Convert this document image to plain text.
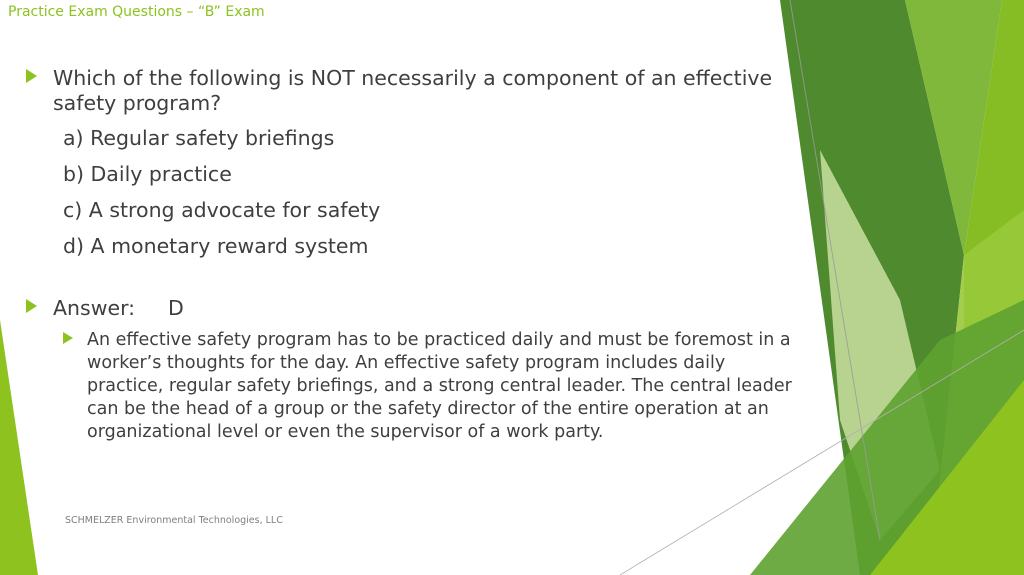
Practice Exam Questions – “B” Exam
Which of the following is NOT necessarily a component of an effective safety program?
a) Regular safety briefings
b) Daily practice
c) A strong advocate for safety
d) A monetary reward system
Answer: D
An effective safety program has to be practiced daily and must be foremost in a worker’s thoughts for the day. An effective safety program includes daily practice, regular safety briefings, and a strong central leader. The central leader can be the head of a group or the safety director of the entire operation at an organizational level or even the supervisor of a work party.
SCHMELZER Environmental Technologies, LLC
